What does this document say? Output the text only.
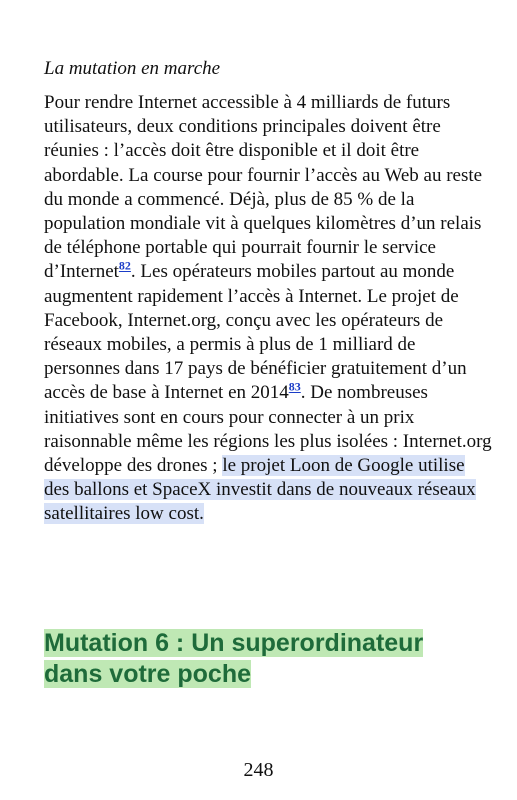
La mutation en marche

Pour rendre Internet accessible à 4 milliards de futurs utilisateurs, deux conditions principales doivent être réunies : l’accès doit être disponible et il doit être abordable. La course pour fournir l’accès au Web au reste du monde a commencé. Déjà, plus de 85 % de la population mondiale vit à quelques kilomètres d’un relais de téléphone portable qui pourrait fournir le service d’Internet$^{82}$. Les opérateurs mobiles partout au monde augmentent rapidement l’accès à Internet. Le projet de Facebook, Internet.org, conçu avec les opérateurs de réseaux mobiles, a permis à plus de 1 milliard de personnes dans 17 pays de bénéficier gratuitement d’un accès de base à Internet en 2014$^{83}$. De nombreuses initiatives sont en cours pour connecter à un prix raisonnable même les régions les plus isolées : Internet.org développe des drones ; le projet Loon de Google utilise des ballons et SpaceX investit dans de nouveaux réseaux satellitaires low cost.

Mutation 6 : Un superordinateur dans votre poche
248
